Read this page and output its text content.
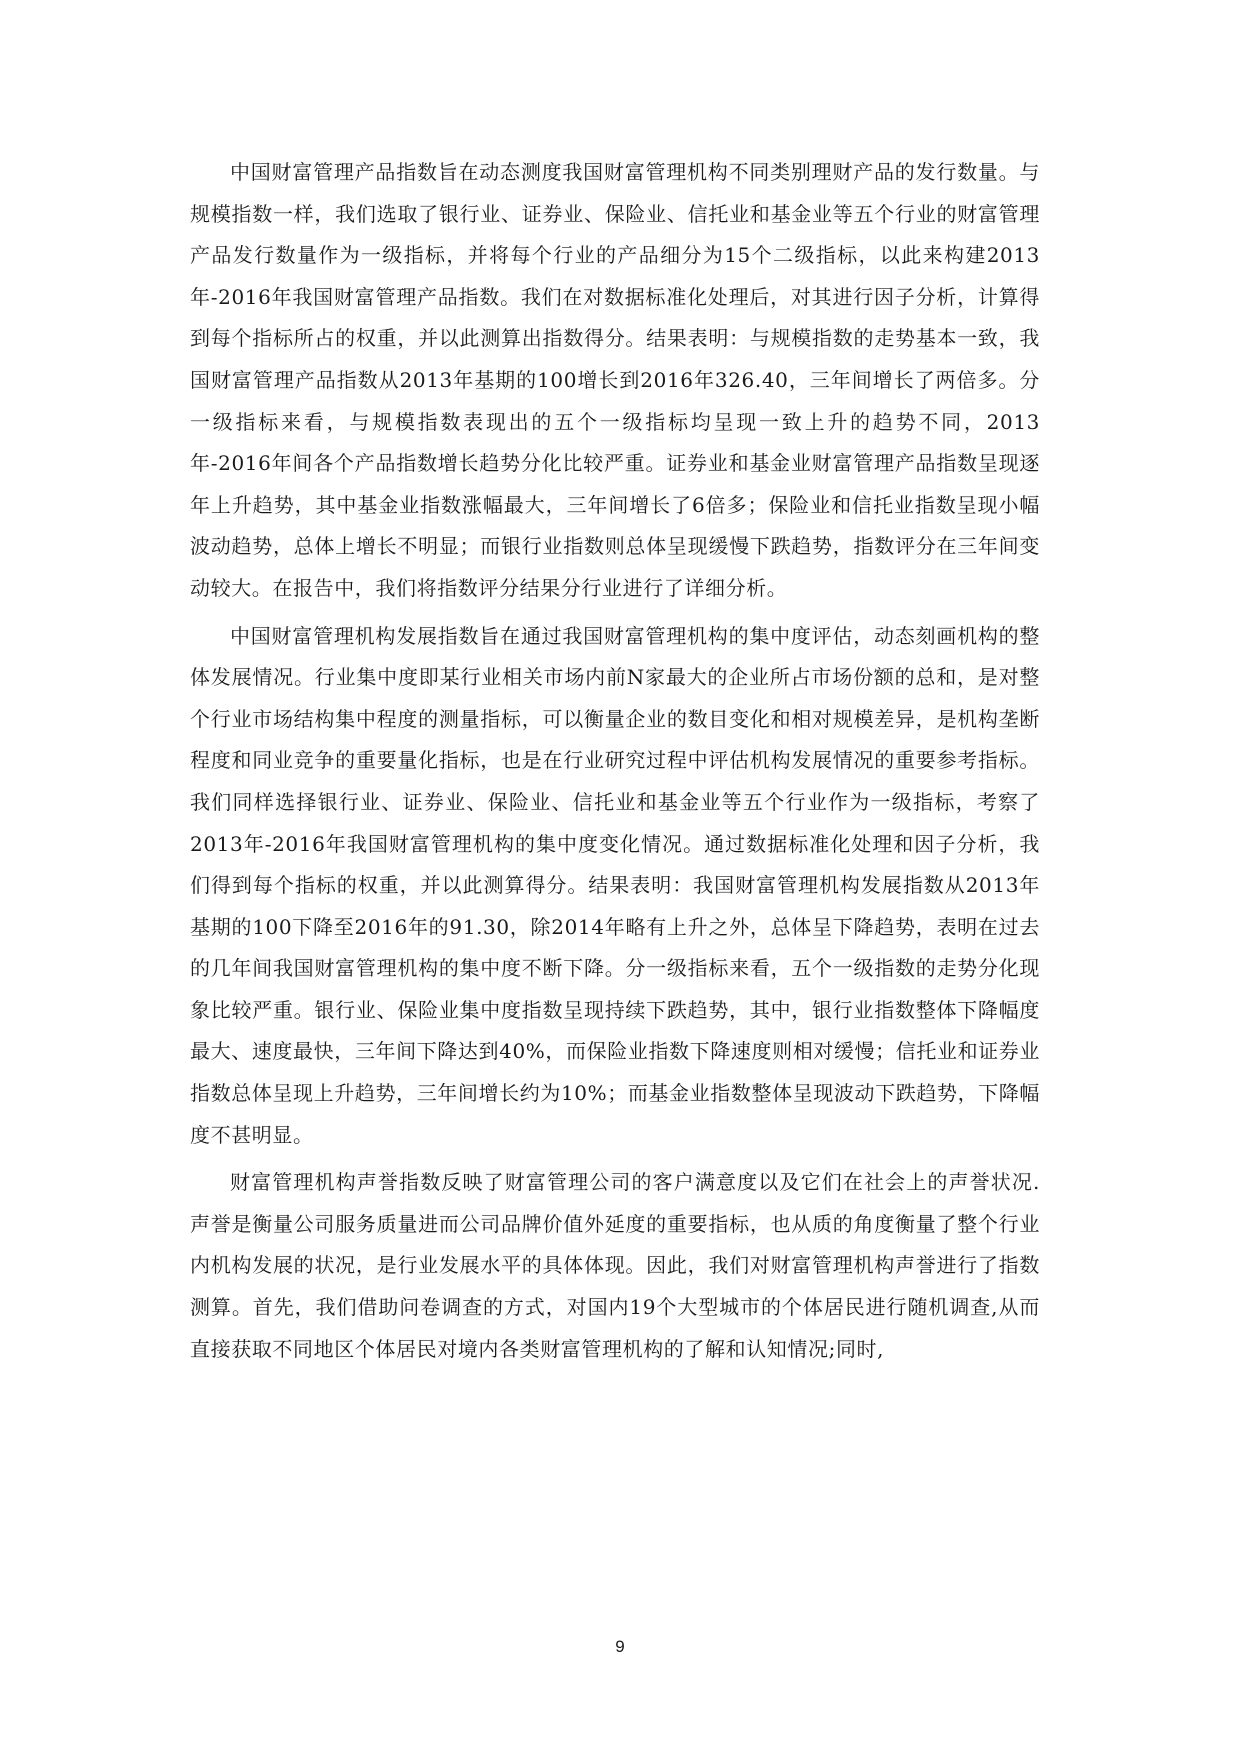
中国财富管理产品指数旨在动态测度我国财富管理机构不同类别理财产品的发行数量。与规模指数一样，我们选取了银行业、证券业、保险业、信托业和基金业等五个行业的财富管理产品发行数量作为一级指标，并将每个行业的产品细分为15个二级指标，以此来构建2013年-2016年我国财富管理产品指数。我们在对数据标准化处理后，对其进行因子分析，计算得到每个指标所占的权重，并以此测算出指数得分。结果表明：与规模指数的走势基本一致，我国财富管理产品指数从2013年基期的100增长到2016年326.40，三年间增长了两倍多。分一级指标来看，与规模指数表现出的五个一级指标均呈现一致上升的趋势不同，2013年-2016年间各个产品指数增长趋势分化比较严重。证券业和基金业财富管理产品指数呈现逐年上升趋势，其中基金业指数涨幅最大，三年间增长了6倍多；保险业和信托业指数呈现小幅波动趋势，总体上增长不明显；而银行业指数则总体呈现缓慢下跌趋势，指数评分在三年间变动较大。在报告中，我们将指数评分结果分行业进行了详细分析。

中国财富管理机构发展指数旨在通过我国财富管理机构的集中度评估，动态刻画机构的整体发展情况。行业集中度即某行业相关市场内前N家最大的企业所占市场份额的总和，是对整个行业市场结构集中程度的测量指标，可以衡量企业的数目变化和相对规模差异，是机构垄断程度和同业竞争的重要量化指标，也是在行业研究过程中评估机构发展情况的重要参考指标。我们同样选择银行业、证券业、保险业、信托业和基金业等五个行业作为一级指标，考察了2013年-2016年我国财富管理机构的集中度变化情况。通过数据标准化处理和因子分析，我们得到每个指标的权重，并以此测算得分。结果表明：我国财富管理机构发展指数从2013年基期的100下降至2016年的91.30，除2014年略有上升之外，总体呈下降趋势，表明在过去的几年间我国财富管理机构的集中度不断下降。分一级指标来看，五个一级指数的走势分化现象比较严重。银行业、保险业集中度指数呈现持续下跌趋势，其中，银行业指数整体下降幅度最大、速度最快，三年间下降达到40%，而保险业指数下降速度则相对缓慢；信托业和证券业指数总体呈现上升趋势，三年间增长约为10%；而基金业指数整体呈现波动下跌趋势，下降幅度不甚明显。

财富管理机构声誉指数反映了财富管理公司的客户满意度以及它们在社会上的声誉状况.声誉是衡量公司服务质量进而公司品牌价值外延度的重要指标，也从质的角度衡量了整个行业内机构发展的状况，是行业发展水平的具体体现。因此，我们对财富管理机构声誉进行了指数测算。首先，我们借助问卷调查的方式，对国内19个大型城市的个体居民进行随机调查,从而直接获取不同地区个体居民对境内各类财富管理机构的了解和认知情况;同时,

9
